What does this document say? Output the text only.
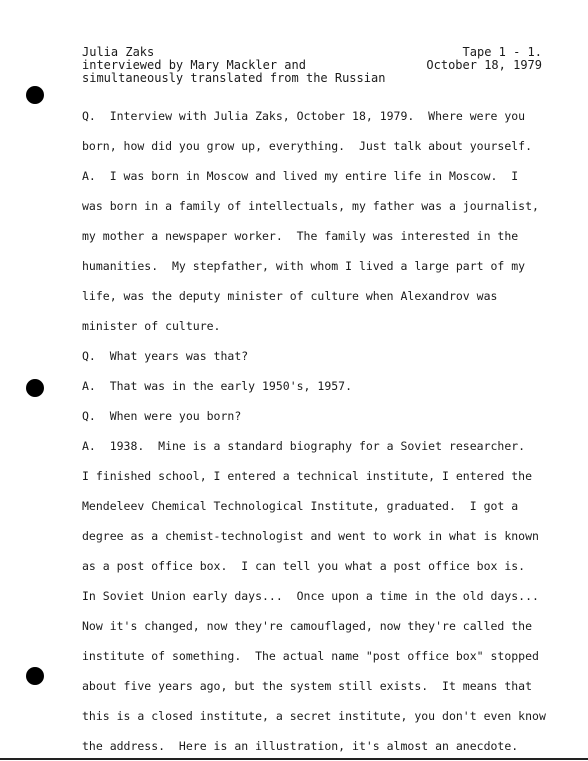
Julia Zaks
interviewed by Mary Mackler and
simultaneously translated from the Russian
Tape 1 - 1.
October 18, 1979
Q.  Interview with Julia Zaks, October 18, 1979.  Where were you
born, how did you grow up, everything.  Just talk about yourself.
A.  I was born in Moscow and lived my entire life in Moscow.  I
was born in a family of intellectuals, my father was a journalist,
my mother a newspaper worker.  The family was interested in the
humanities.  My stepfather, with whom I lived a large part of my
life, was the deputy minister of culture when Alexandrov was
minister of culture.
Q.  What years was that?
A.  That was in the early 1950's, 1957.
Q.  When were you born?
A.  1938.  Mine is a standard biography for a Soviet researcher.
I finished school, I entered a technical institute, I entered the
Mendeleev Chemical Technological Institute, graduated.  I got a
degree as a chemist-technologist and went to work in what is known
as a post office box.  I can tell you what a post office box is.
In Soviet Union early days...  Once upon a time in the old days...
Now it's changed, now they're camouflaged, now they're called the
institute of something.  The actual name "post office box" stopped
about five years ago, but the system still exists.  It means that
this is a closed institute, a secret institute, you don't even know
the address.  Here is an illustration, it's almost an anecdote.
